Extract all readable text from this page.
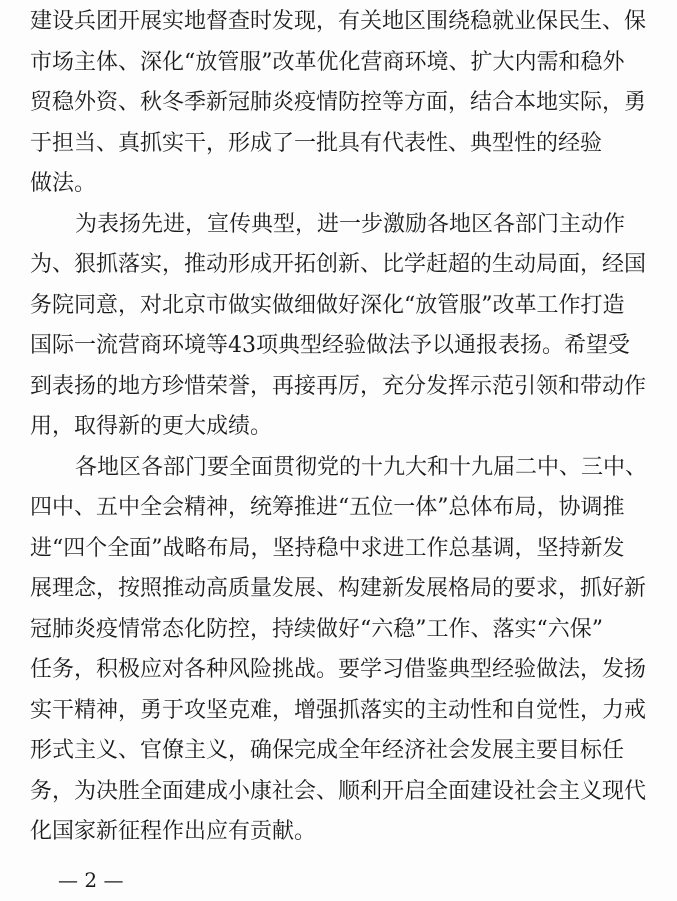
— 2 —
建设兵团开展实地督查时发现，有关地区围绕稳就业保民生、保
市场主体、深化“放管服”改革优化营商环境、扩大内需和稳外
贸稳外资、秋冬季新冠肺炎疫情防控等方面，结合本地实际，勇
于担当、真抓实干，形成了一批具有代表性、典型性的经验
做法。
为表扬先进，宣传典型，进一步激励各地区各部门主动作
为、狠抓落实，推动形成开拓创新、比学赶超的生动局面，经国
务院同意，对北京市做实做细做好深化“放管服”改革工作打造
国际一流营商环境等43项典型经验做法予以通报表扬。希望受
到表扬的地方珍惜荣誉，再接再厉，充分发挥示范引领和带动作
用，取得新的更大成绩。
各地区各部门要全面贯彻党的十九大和十九届二中、三中、
四中、五中全会精神，统筹推进“五位一体”总体布局，协调推
进“四个全面”战略布局，坚持稳中求进工作总基调，坚持新发
展理念，按照推动高质量发展、构建新发展格局的要求，抓好新
冠肺炎疫情常态化防控，持续做好“六稳”工作、落实“六保”
任务，积极应对各种风险挑战。要学习借鉴典型经验做法，发扬
实干精神，勇于攻坚克难，增强抓落实的主动性和自觉性，力戒
形式主义、官僚主义，确保完成全年经济社会发展主要目标任
务，为决胜全面建成小康社会、顺利开启全面建设社会主义现代
化国家新征程作出应有贡献。
